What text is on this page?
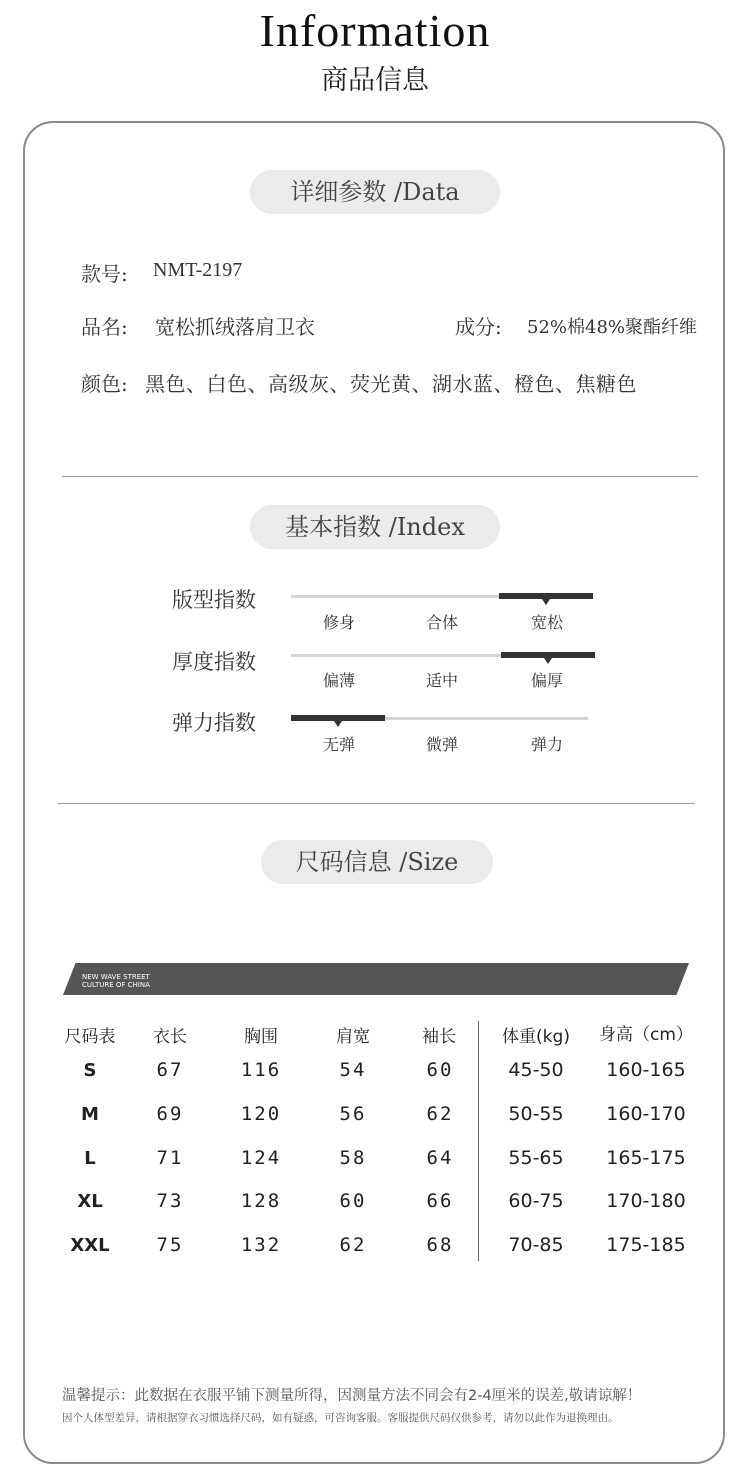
Information
商品信息
详细参数 /Data
款号: NMT-2197
品名: 宽松抓绒落肩卫衣	成分: 52%棉48%聚酯纤维
颜色: 黑色、白色、高级灰、荧光黄、湖水蓝、橙色、焦糖色
基本指数 /Index
版型指数
修身	合体	宽松
厚度指数
偏薄	适中	偏厚
弹力指数
无弹	微弹	弹力
尺码信息 /Size
NEW WAVE STREET
CULTURE OF CHINA
尺码表	衣长	胸围	肩宽	袖长	体重(kg)	身高（cm）
S	67	116	54	60	45-50	160-165
M	69	120	56	62	50-55	160-170
L	71	124	58	64	55-65	165-175
XL	73	128	60	66	60-75	170-180
XXL	75	132	62	68	70-85	175-185
温馨提示：此数据在衣服平铺下测量所得，因测量方法不同会有2-4厘米的误差,敬请谅解！
因个人体型差异，请根据穿衣习惯选择尺码，如有疑惑，可咨询客服。客服提供尺码仅供参考，请勿以此作为退换理由。
